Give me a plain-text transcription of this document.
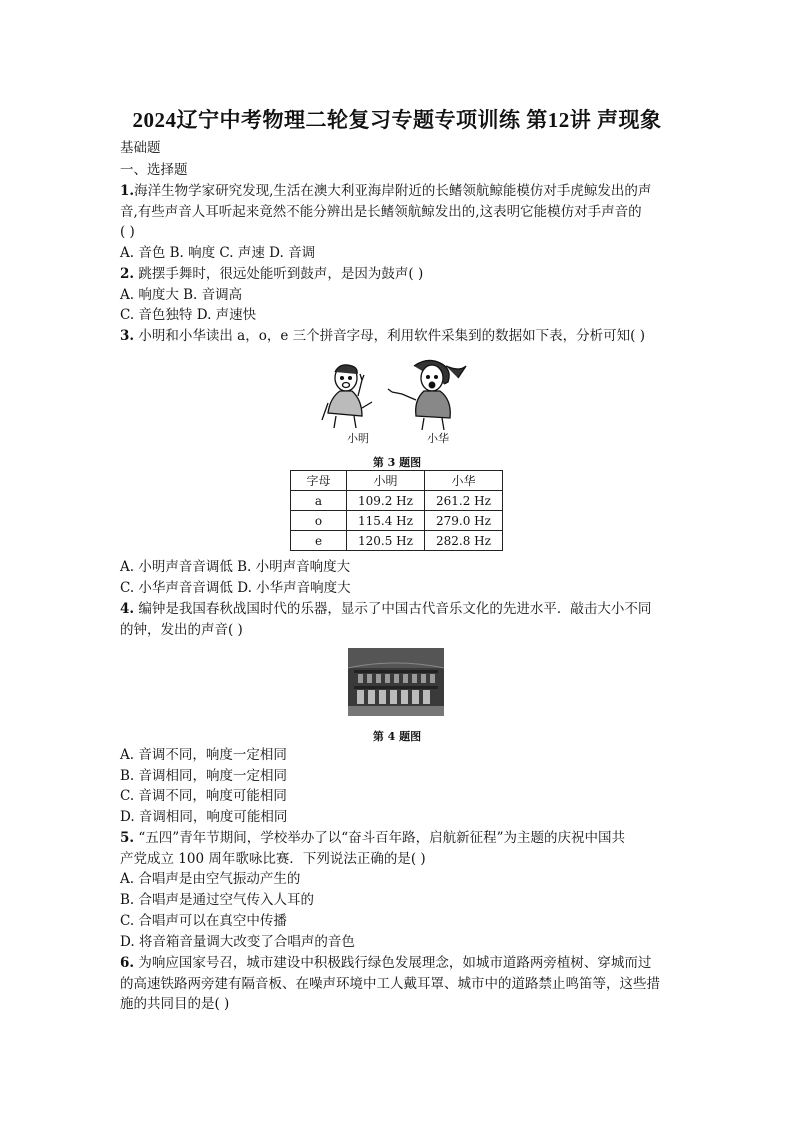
2024辽宁中考物理二轮复习专题专项训练 第12讲 声现象
基础题
一、选择题
1.海洋生物学家研究发现,生活在澳大利亚海岸附近的长鳍领航鲸能模仿对手虎鲸发出的声
音,有些声音人耳听起来竟然不能分辨出是长鳍领航鲸发出的,这表明它能模仿对手声音的
( )
A. 音色 B. 响度 C. 声速 D. 音调
2. 跳摆手舞时，很远处能听到鼓声，是因为鼓声( )
A. 响度大 B. 音调高
C. 音色独特 D. 声速快
3. 小明和小华读出 a，o，e 三个拼音字母，利用软件采集到的数据如下表，分析可知( )
小明	小华
第 3 题图
字母	小明	小华
a	109.2 Hz	261.2 Hz
o	115.4 Hz	279.0 Hz
e	120.5 Hz	282.8 Hz
A. 小明声音音调低 B. 小明声音响度大
C. 小华声音音调低 D. 小华声音响度大
4. 编钟是我国春秋战国时代的乐器，显示了中国古代音乐文化的先进水平．敲击大小不同
的钟，发出的声音( )
第 4 题图
A. 音调不同，响度一定相同
B. 音调相同，响度一定相同
C. 音调不同，响度可能相同
D. 音调相同，响度可能相同
5. “五四”青年节期间，学校举办了以“奋斗百年路，启航新征程”为主题的庆祝中国共
产党成立 100 周年歌咏比赛．下列说法正确的是( )
A. 合唱声是由空气振动产生的
B. 合唱声是通过空气传入人耳的
C. 合唱声可以在真空中传播
D. 将音箱音量调大改变了合唱声的音色
6. 为响应国家号召，城市建设中积极践行绿色发展理念，如城市道路两旁植树、穿城而过
的高速铁路两旁建有隔音板、在噪声环境中工人戴耳罩、城市中的道路禁止鸣笛等，这些措
施的共同目的是( )
